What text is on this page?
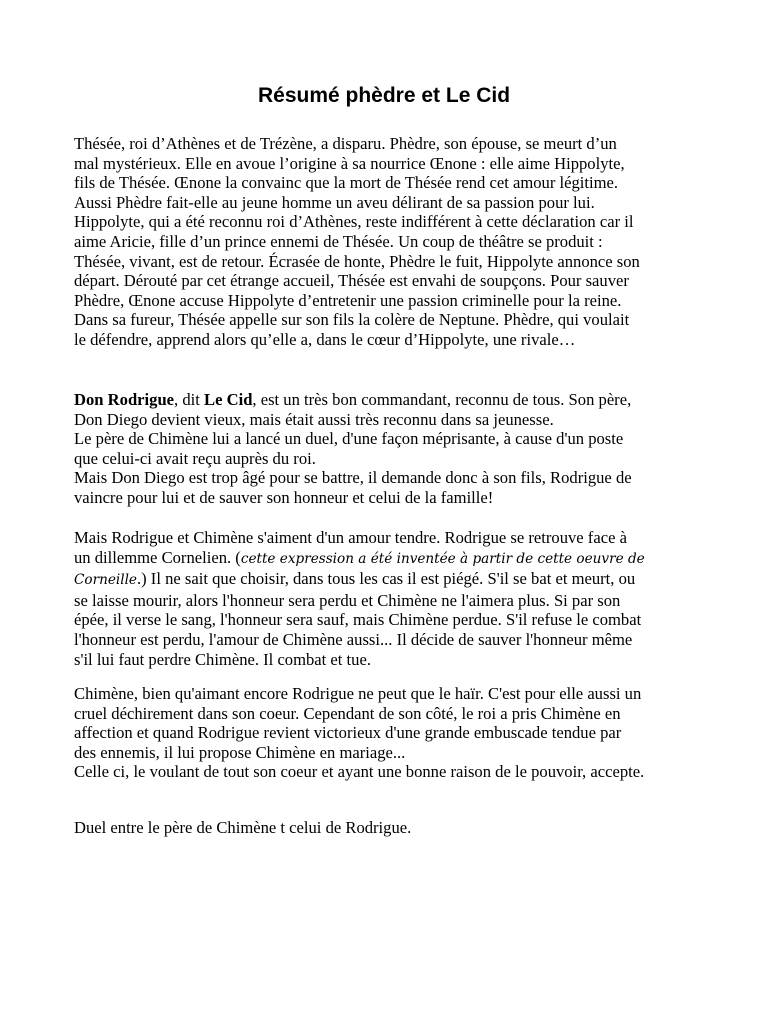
Résumé phèdre et Le Cid

Thésée, roi d’Athènes et de Trézène, a disparu. Phèdre, son épouse, se meurt d’un
mal mystérieux. Elle en avoue l’origine à sa nourrice Œnone : elle aime Hippolyte,
fils de Thésée. Œnone la convainc que la mort de Thésée rend cet amour légitime.
Aussi Phèdre fait-elle au jeune homme un aveu délirant de sa passion pour lui.
Hippolyte, qui a été reconnu roi d’Athènes, reste indifférent à cette déclaration car il
aime Aricie, fille d’un prince ennemi de Thésée. Un coup de théâtre se produit :
Thésée, vivant, est de retour. Écrasée de honte, Phèdre le fuit, Hippolyte annonce son
départ. Dérouté par cet étrange accueil, Thésée est envahi de soupçons. Pour sauver
Phèdre, Œnone accuse Hippolyte d’entretenir une passion criminelle pour la reine.
Dans sa fureur, Thésée appelle sur son fils la colère de Neptune. Phèdre, qui voulait
le défendre, apprend alors qu’elle a, dans le cœur d’Hippolyte, une rivale…

Don Rodrigue, dit Le Cid, est un très bon commandant, reconnu de tous. Son père,
Don Diego devient vieux, mais était aussi très reconnu dans sa jeunesse.
Le père de Chimène lui a lancé un duel, d'une façon méprisante, à cause d'un poste
que celui-ci avait reçu auprès du roi.
Mais Don Diego est trop âgé pour se battre, il demande donc à son fils, Rodrigue de
vaincre pour lui et de sauver son honneur et celui de la famille!

Mais Rodrigue et Chimène s'aiment d'un amour tendre. Rodrigue se retrouve face à
un dillemme Cornelien. (cette expression a été inventée à partir de cette oeuvre de
Corneille.) Il ne sait que choisir, dans tous les cas il est piégé. S'il se bat et meurt, ou
se laisse mourir, alors l'honneur sera perdu et Chimène ne l'aimera plus. Si par son
épée, il verse le sang, l'honneur sera sauf, mais Chimène perdue. S'il refuse le combat
l'honneur est perdu, l'amour de Chimène aussi... Il décide de sauver l'honneur même
s'il lui faut perdre Chimène. Il combat et tue.

Chimène, bien qu'aimant encore Rodrigue ne peut que le haïr. C'est pour elle aussi un
cruel déchirement dans son coeur. Cependant de son côté, le roi a pris Chimène en
affection et quand Rodrigue revient victorieux d'une grande embuscade tendue par
des ennemis, il lui propose Chimène en mariage...
Celle ci, le voulant de tout son coeur et ayant une bonne raison de le pouvoir, accepte.

Duel entre le père de Chimène t celui de Rodrigue.
